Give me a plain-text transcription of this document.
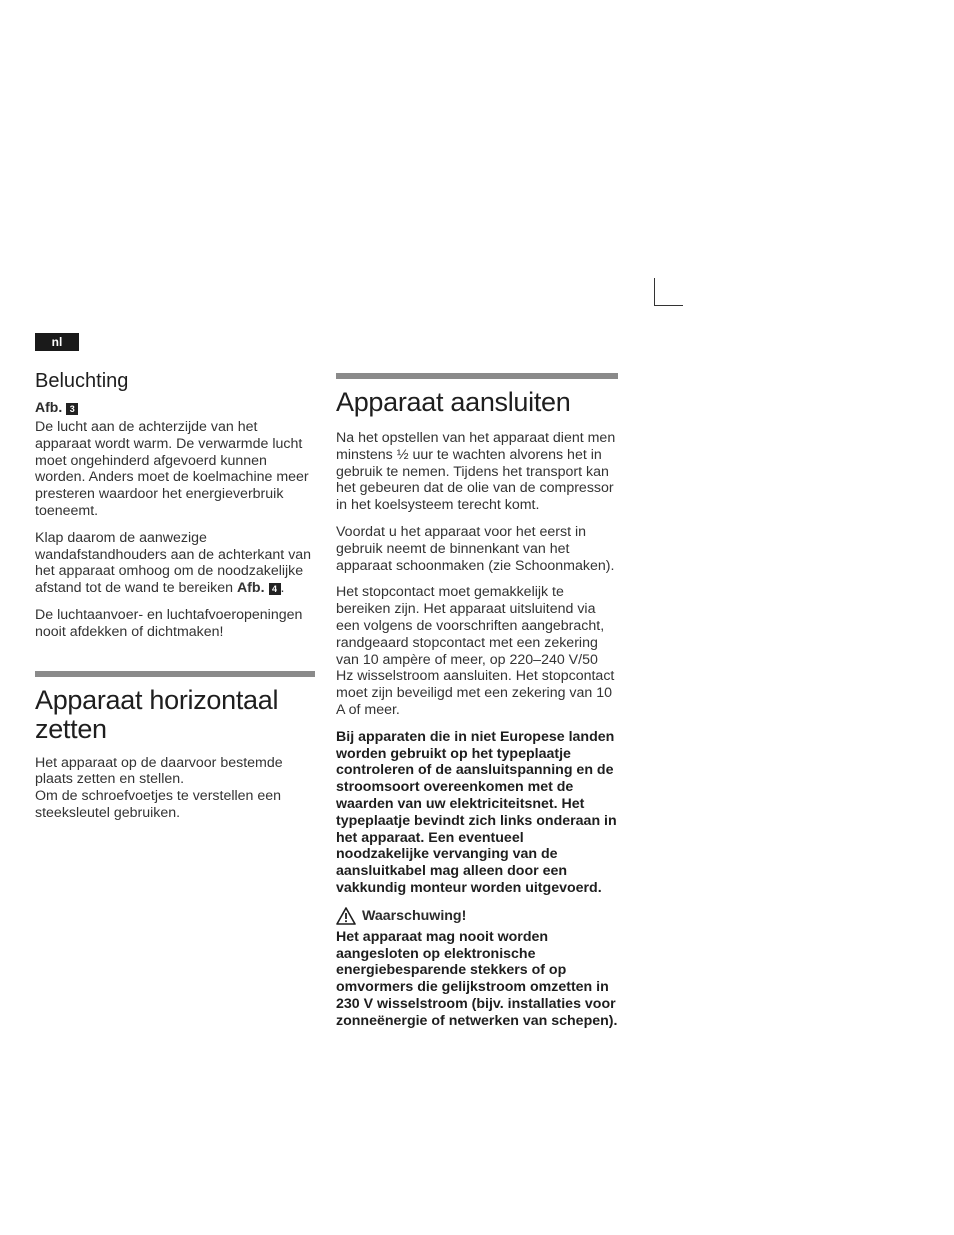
nl
Beluchting
Afb. 3

De lucht aan de achterzijde van het apparaat wordt warm. De verwarmde lucht moet ongehinderd afgevoerd kunnen worden. Anders moet de koelmachine meer presteren waardoor het energieverbruik toeneemt.

Klap daarom de aanwezige wandafstandhouders aan de achterkant van het apparaat omhoog om de noodzakelijke afstand tot de wand te bereiken Afb. 4 .

De luchtaanvoer- en luchtafvoeropeningen nooit afdekken of dichtmaken!

Apparaat horizontaal zetten

Het apparaat op de daarvoor bestemde plaats zetten en stellen.

Om de schroefvoetjes te verstellen een steeksleutel gebruiken.

Apparaat aansluiten

Na het opstellen van het apparaat dient men minstens ½ uur te wachten alvorens het in gebruik te nemen. Tijdens het transport kan het gebeuren dat de olie van de compressor in het koelsysteem terecht komt.

Voordat u het apparaat voor het eerst in gebruik neemt de binnenkant van het apparaat schoonmaken (zie Schoonmaken).

Het stopcontact moet gemakkelijk te bereiken zijn. Het apparaat uitsluitend via een volgens de voorschriften aangebracht, randgeaard stopcontact met een zekering van 10 ampère of meer, op 220–240 V/50 Hz wisselstroom aansluiten. Het stopcontact moet zijn beveiligd met een zekering van 10 A of meer.

Bij apparaten die in niet Europese landen worden gebruikt op het typeplaatje controleren of de aansluitspanning en de stroomsoort overeenkomen met de waarden van uw elektriciteitsnet. Het typeplaatje bevindt zich links onderaan in het apparaat. Een eventueel noodzakelijke vervanging van de aansluitkabel mag alleen door een vakkundig monteur worden uitgevoerd.

Waarschuwing!

Het apparaat mag nooit worden aangesloten op elektronische energiebesparende stekkers of op omvormers die gelijkstroom omzetten in 230 V wisselstroom (bijv. installaties voor zonneënergie of netwerken van schepen).
